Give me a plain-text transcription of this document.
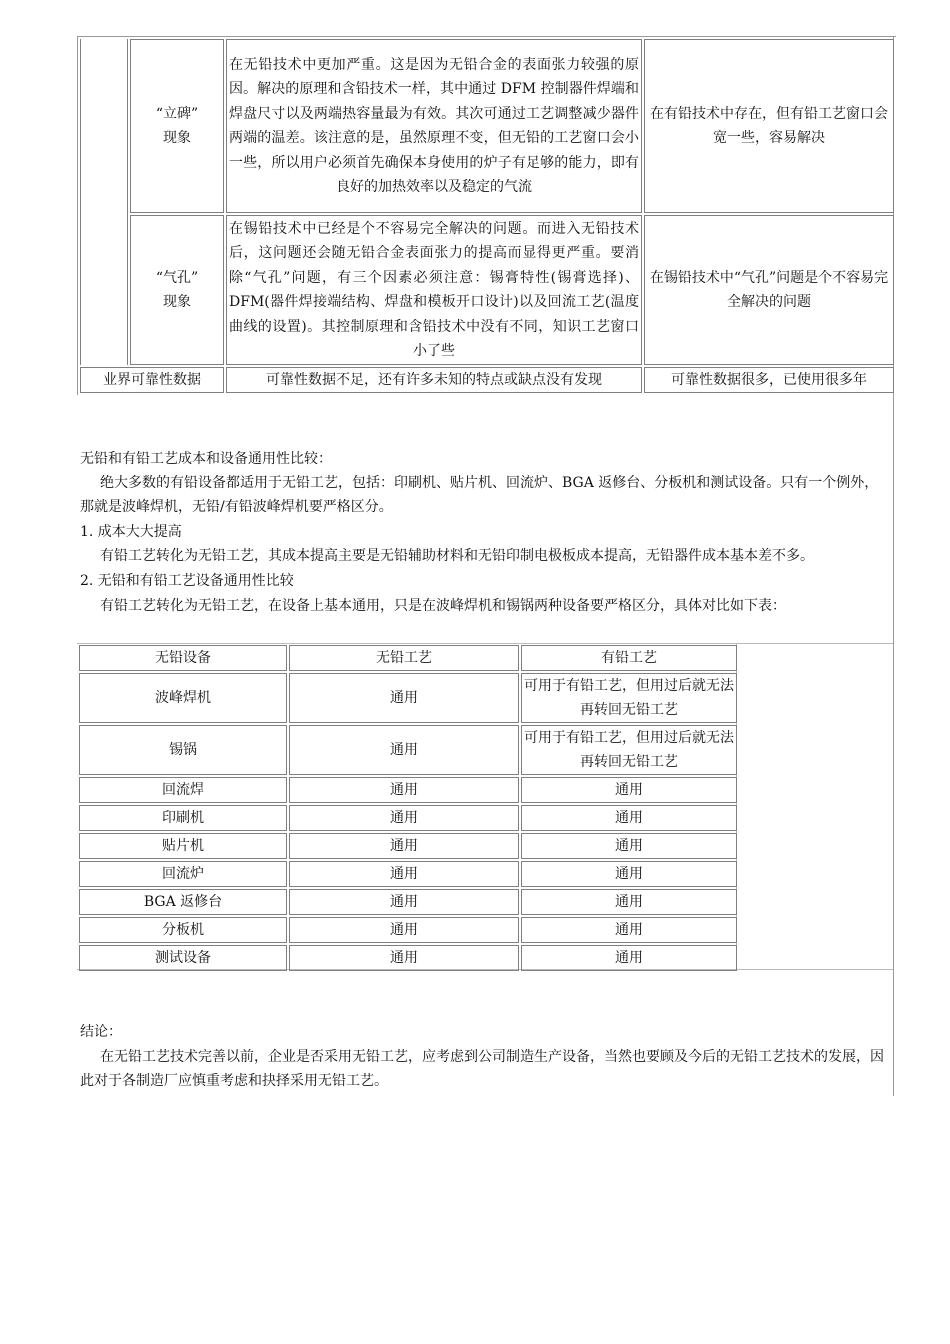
	“立碑”
现象	在无铅技术中更加严重。这是因为无铅合金的表面张力较强的原因。解决的原理和含铅技术一样，其中通过 DFM 控制器件焊端和焊盘尺寸以及两端热容量最为有效。其次可通过工艺调整减少器件两端的温差。该注意的是，虽然原理不变，但无铅的工艺窗口会小一些，所以用户必须首先确保本身使用的炉子有足够的能力，即有良好的加热效率以及稳定的气流	在有铅技术中存在，但有铅工艺窗口会宽一些，容易解决
	“气孔”
现象	在锡铅技术中已经是个不容易完全解决的问题。而进入无铅技术后，这问题还会随无铅合金表面张力的提高而显得更严重。要消除“气孔”问题，有三个因素必须注意：锡膏特性(锡膏选择)、DFM(器件焊接端结构、焊盘和模板开口设计)以及回流工艺(温度曲线的设置)。其控制原理和含铅技术中没有不同，知识工艺窗口小了些	在锡铅技术中“气孔”问题是个不容易完全解决的问题
业界可靠性数据		可靠性数据不足，还有许多未知的特点或缺点没有发现	可靠性数据很多，已使用很多年
无铅和有铅工艺成本和设备通用性比较：
绝大多数的有铅设备都适用于无铅工艺，包括：印刷机、贴片机、回流炉、BGA 返修台、分板机和测试设备。只有一个例外，那就是波峰焊机，无铅/有铅波峰焊机要严格区分。
1. 成本大大提高
有铅工艺转化为无铅工艺，其成本提高主要是无铅辅助材料和无铅印制电极板成本提高，无铅器件成本基本差不多。
2. 无铅和有铅工艺设备通用性比较
有铅工艺转化为无铅工艺，在设备上基本通用，只是在波峰焊机和锡锅两种设备要严格区分，具体对比如下表：
无铅设备	无铅工艺	有铅工艺
波峰焊机	通用	可用于有铅工艺，但用过后就无法再转回无铅工艺
锡锅	通用	可用于有铅工艺，但用过后就无法再转回无铅工艺
回流焊	通用	通用
印刷机	通用	通用
贴片机	通用	通用
回流炉	通用	通用
BGA 返修台	通用	通用
分板机	通用	通用
测试设备	通用	通用
结论：
在无铅工艺技术完善以前，企业是否采用无铅工艺，应考虑到公司制造生产设备，当然也要顾及今后的无铅工艺技术的发展，因此对于各制造厂应慎重考虑和抉择采用无铅工艺。
